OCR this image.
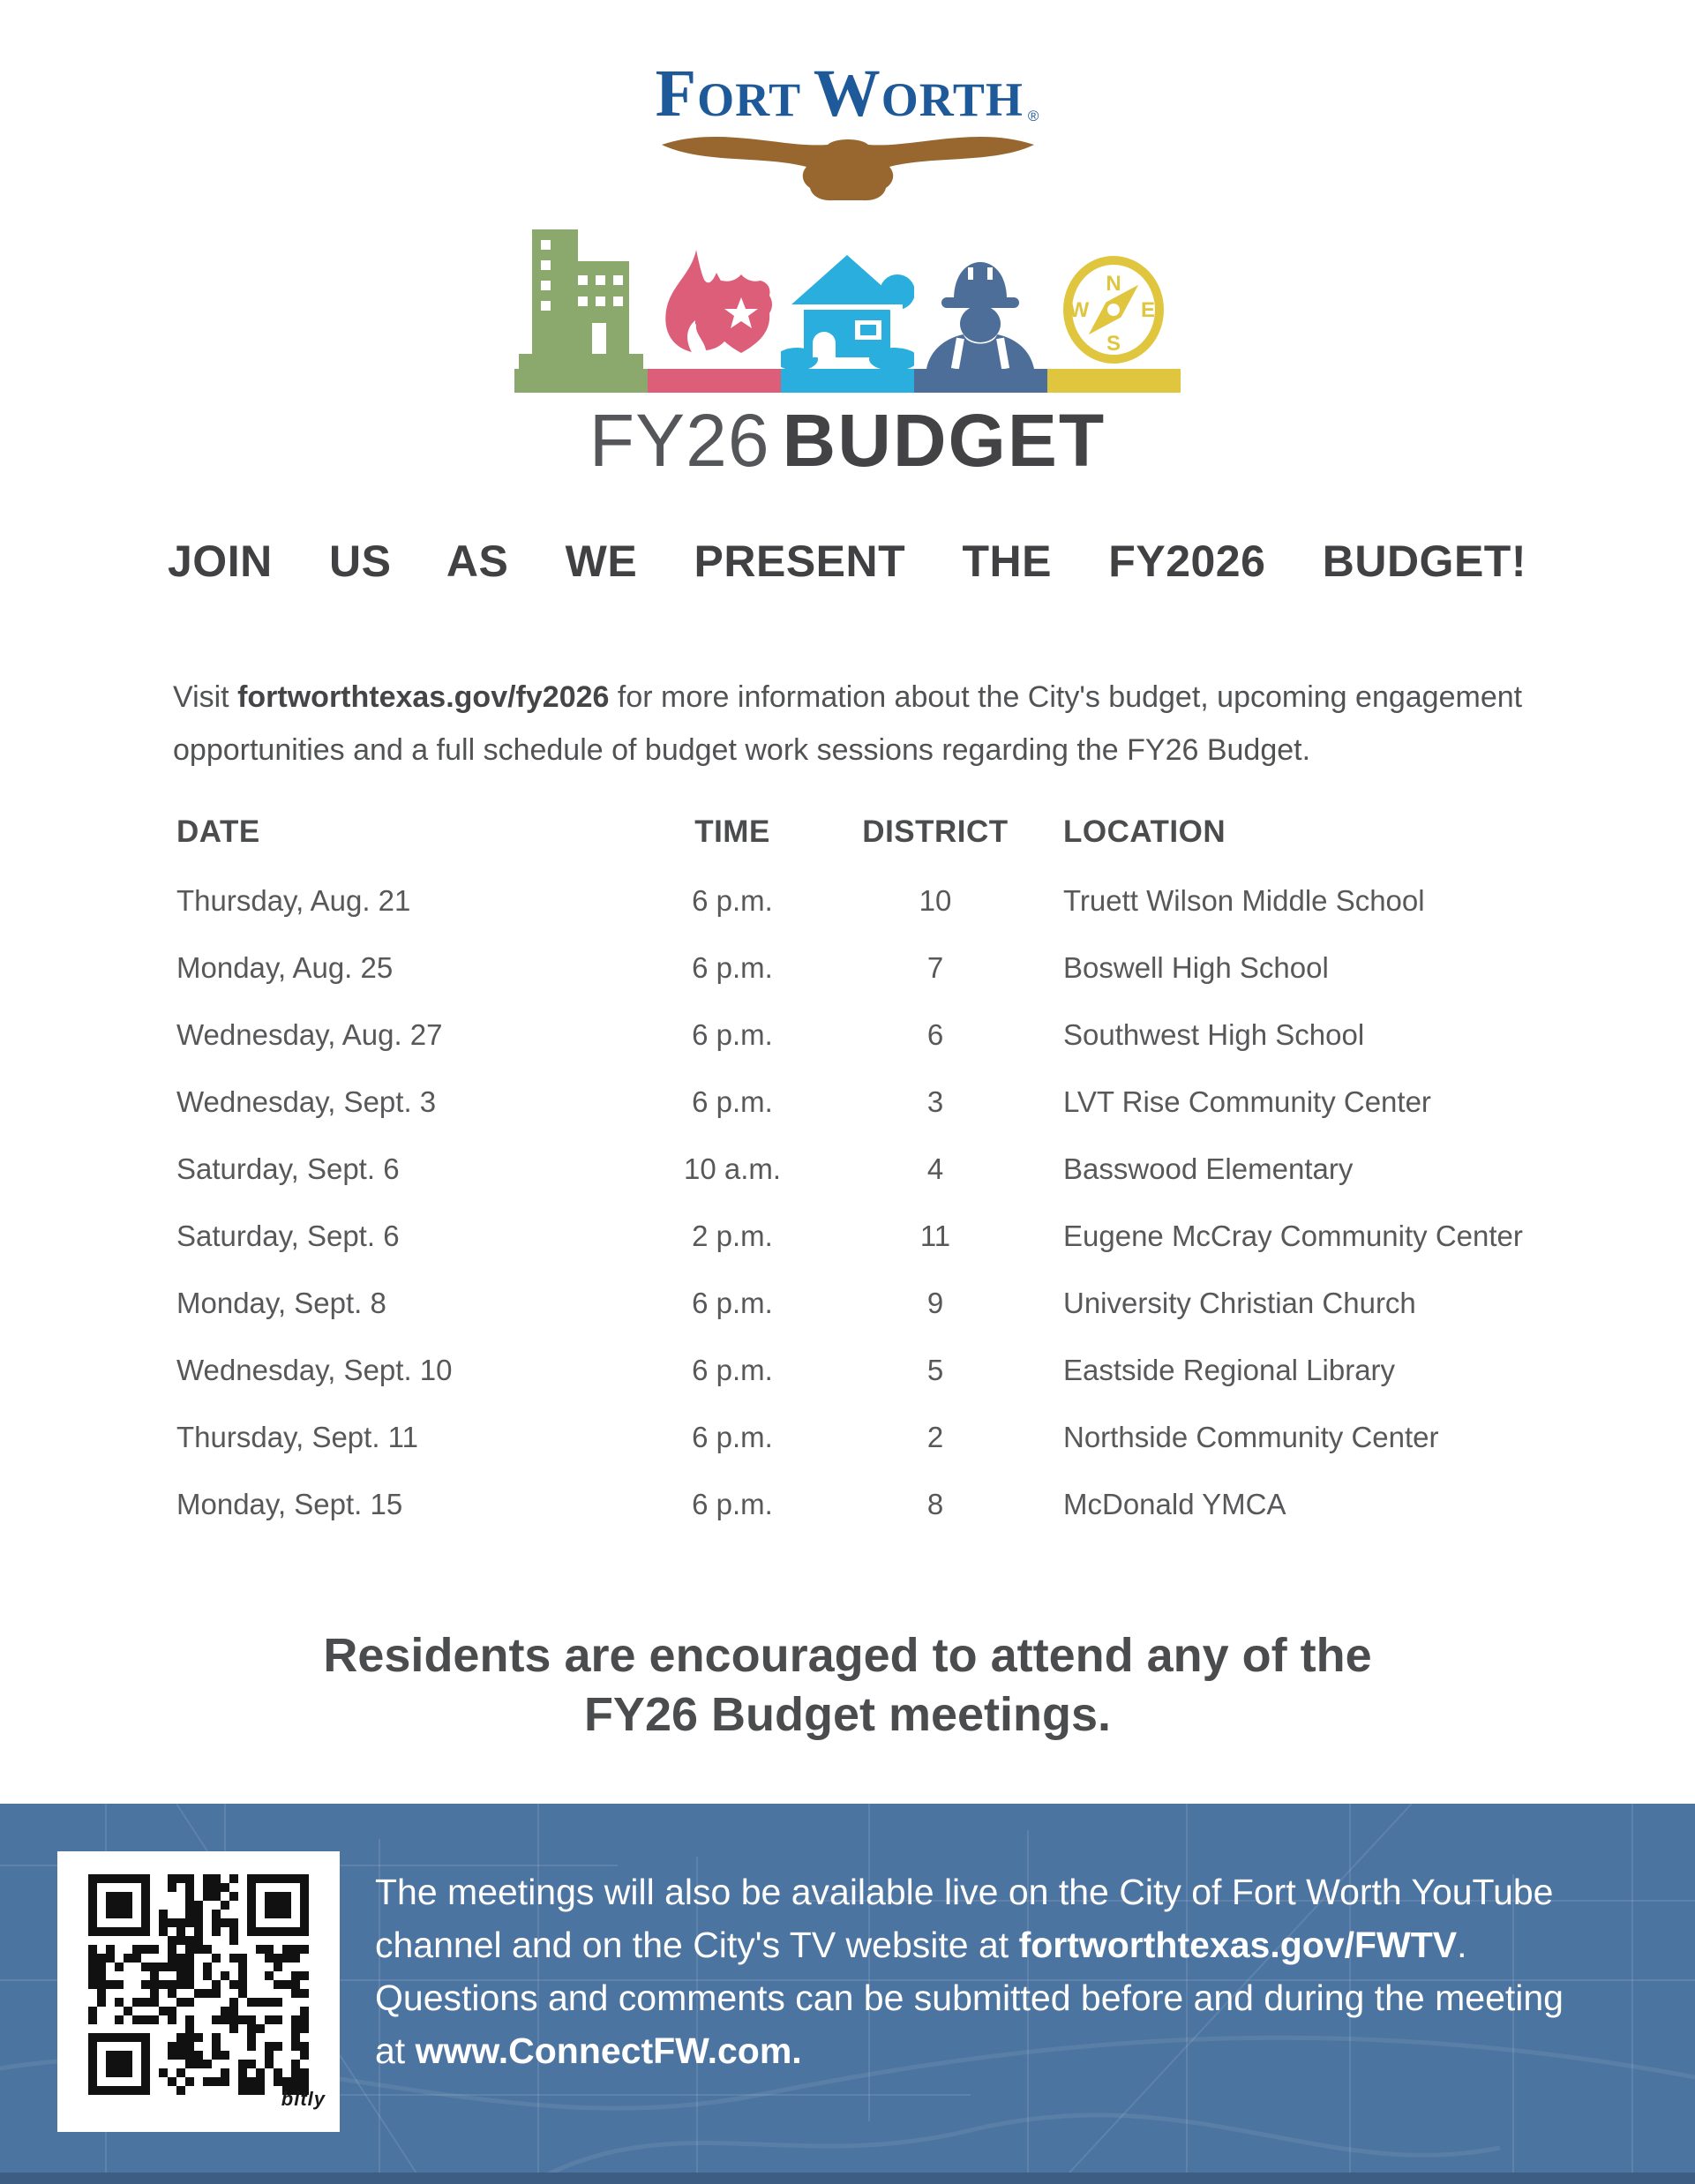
FORT WORTH ®
N
E
S
W
FY26 BUDGET
JOIN US AS WE PRESENT THE FY2026 BUDGET!
Visit fortworthtexas.gov/fy2026 for more information about the City's budget, upcoming engagement opportunities and a full schedule of budget work sessions regarding the FY26 Budget.
DATE	TIME	DISTRICT	LOCATION
Thursday, Aug. 21	6 p.m.	10	Truett Wilson Middle School
Monday, Aug. 25	6 p.m.	7	Boswell High School
Wednesday, Aug. 27	6 p.m.	6	Southwest High School
Wednesday, Sept. 3	6 p.m.	3	LVT Rise Community Center
Saturday, Sept. 6	10 a.m.	4	Basswood Elementary
Saturday, Sept. 6	2 p.m.	11	Eugene McCray Community Center
Monday, Sept. 8	6 p.m.	9	University Christian Church
Wednesday, Sept. 10	6 p.m.	5	Eastside Regional Library
Thursday, Sept. 11	6 p.m.	2	Northside Community Center
Monday, Sept. 15	6 p.m.	8	McDonald YMCA
Residents are encouraged to attend any of the FY26 Budget meetings.
bitly
The meetings will also be available live on the City of Fort Worth YouTube channel and on the City's TV website at fortworthtexas.gov/FWTV. Questions and comments can be submitted before and during the meeting at www.ConnectFW.com.
